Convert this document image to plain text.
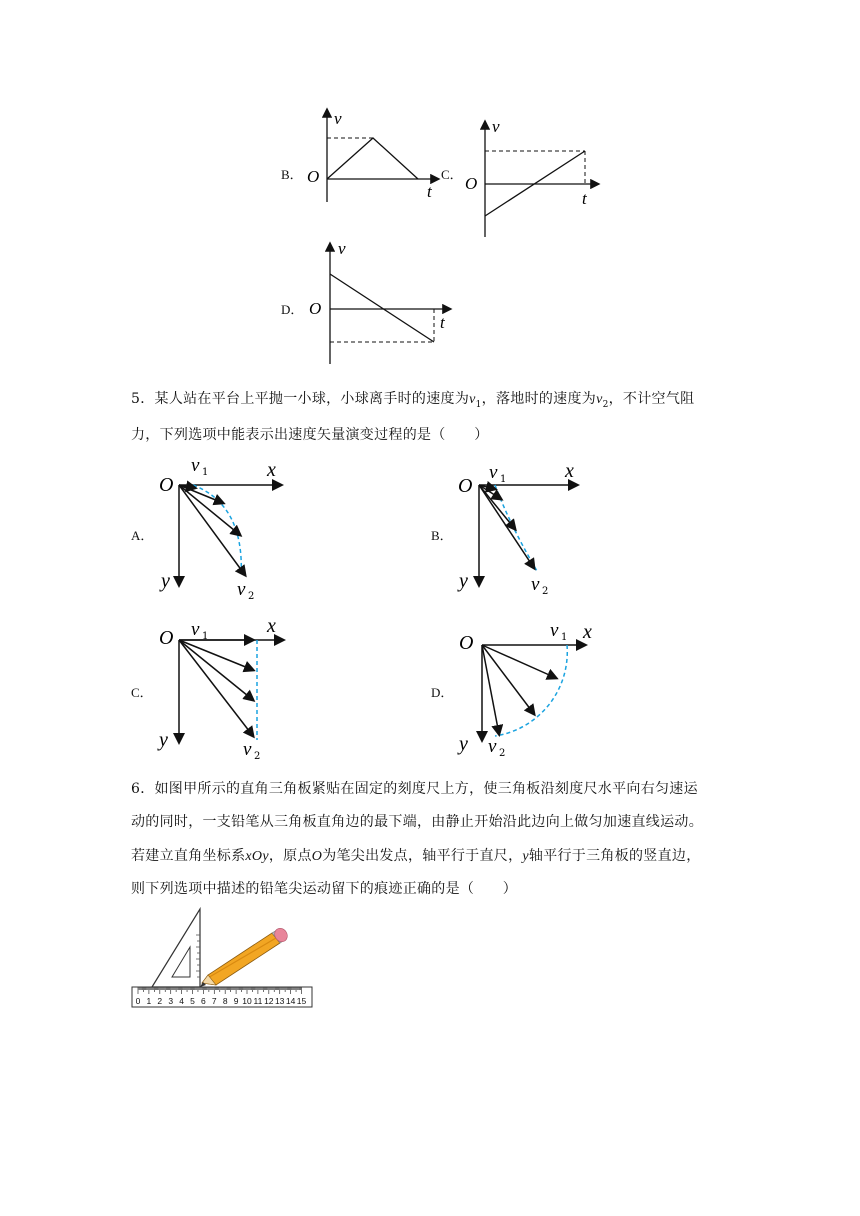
B．
v
O
t
C．
v
O
t
D．
v
O
t
5．某人站在平台上平抛一小球，小球离手时的速度为$v_1$，落地时的速度为$v_2$，不计空气阻
力，下列选项中能表示出速度矢量演变过程的是（　　）
A．
O
v 1	x
y	v 2
B．
O
v 1	x
y	v 2
C．
O v 1	x
y	v 2
D．
O
v 1 x
y v 2
6．如图甲所示的直角三角板紧贴在固定的刻度尺上方，使三角板沿刻度尺水平向右匀速运
动的同时，一支铅笔从三角板直角边的最下端，由静止开始沿此边向上做匀加速直线运动。
若建立直角坐标系xOy，原点O为笔尖出发点，轴平行于直尺，y轴平行于三角板的竖直边，
则下列选项中描述的铅笔尖运动留下的痕迹正确的是（　　）
0 1 2 3 4 5 6 7 8 9 10 11 12 13 14 15
